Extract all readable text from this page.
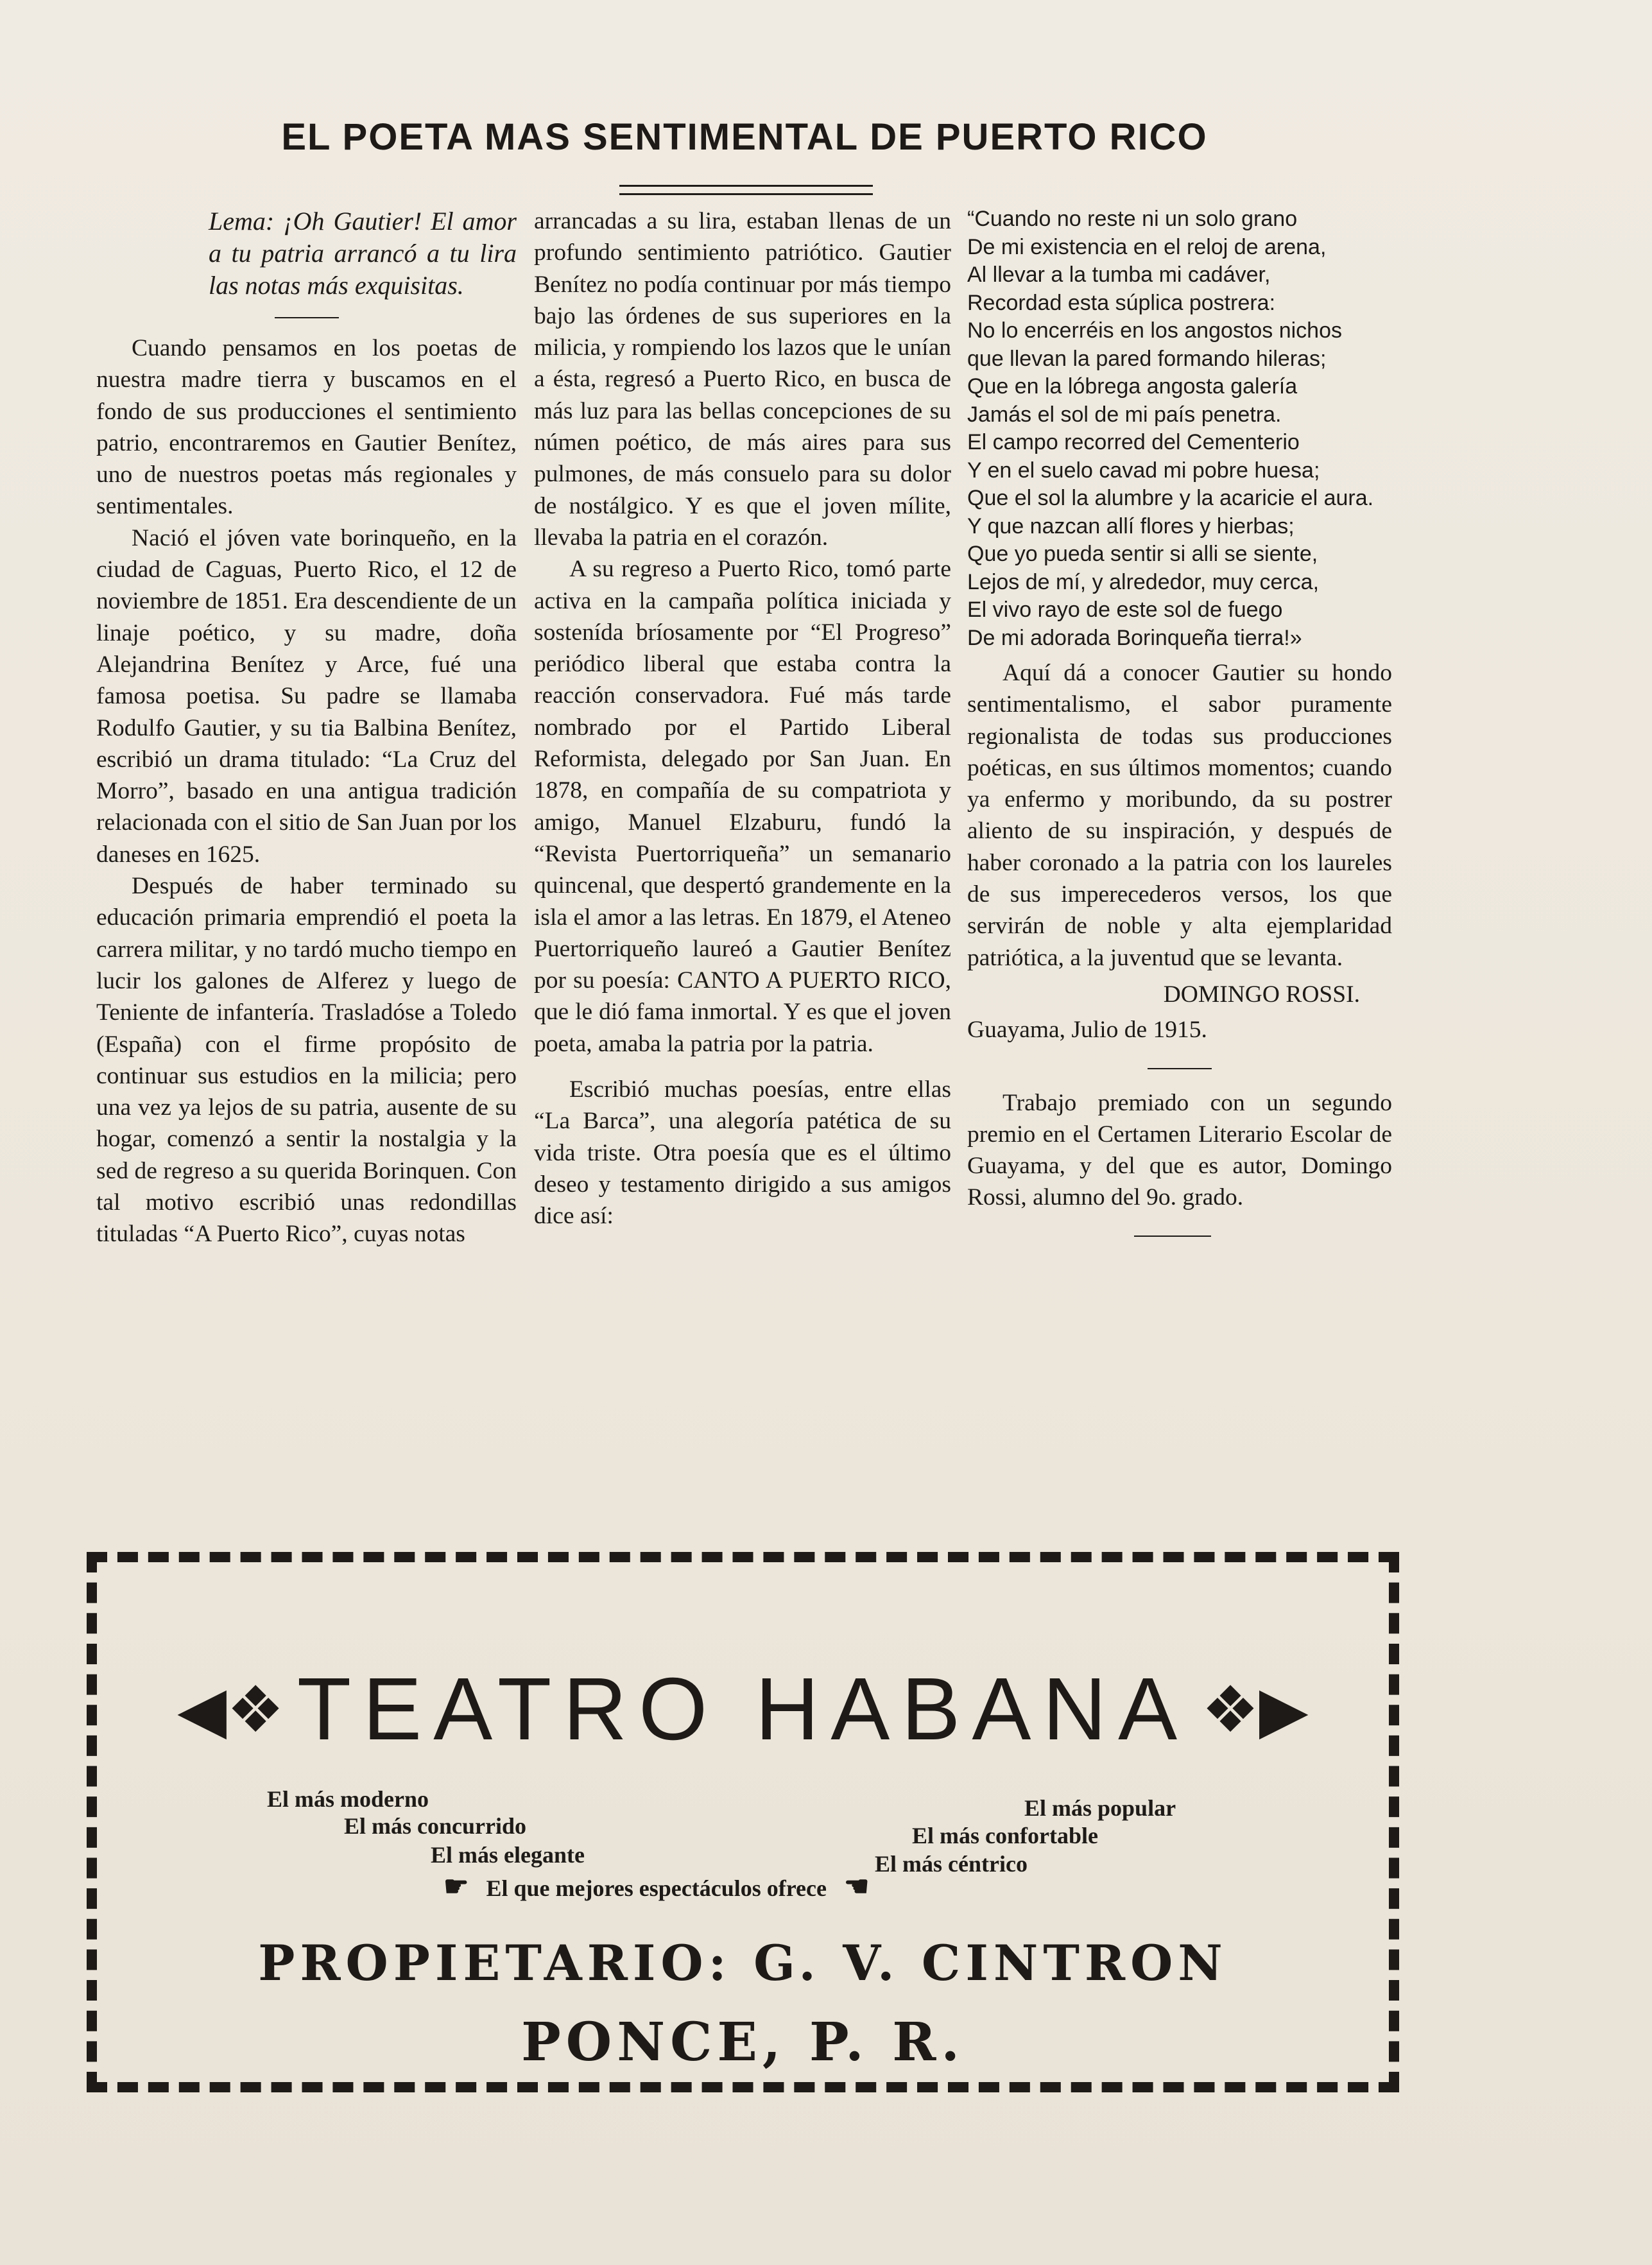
EL POETA MAS SENTIMENTAL DE PUERTO RICO

Lema: ¡Oh Gautier! El amor a tu patria arrancó a tu lira las notas más exquisitas.

Cuando pensamos en los poetas de nuestra madre tierra y buscamos en el fondo de sus producciones el sentimiento patrio, encontraremos en Gautier Benítez, uno de nuestros poetas más regionales y sentimentales.

Nació el jóven vate borinqueño, en la ciudad de Caguas, Puerto Rico, el 12 de noviembre de 1851. Era descendiente de un linaje poético, y su madre, doña Alejandrina Benítez y Arce, fué una famosa poetisa. Su padre se llamaba Rodulfo Gautier, y su tia Balbina Benítez, escribió un drama titulado: “La Cruz del Morro”, basado en una antigua tradición relacionada con el sitio de San Juan por los daneses en 1625.

Después de haber terminado su educación primaria emprendió el poeta la carrera militar, y no tardó mucho tiempo en lucir los galones de Alferez y luego de Teniente de infantería. Trasladóse a Toledo (España) con el firme propósito de continuar sus estudios en la milicia; pero una vez ya lejos de su patria, ausente de su hogar, comenzó a sentir la nostalgia y la sed de regreso a su querida Borinquen. Con tal motivo escribió unas redondillas tituladas “A Puerto Rico”, cuyas notas

arrancadas a su lira, estaban llenas de un profundo sentimiento patriótico. Gautier Benítez no podía continuar por más tiempo bajo las órdenes de sus superiores en la milicia, y rompiendo los lazos que le unían a ésta, regresó a Puerto Rico, en busca de más luz para las bellas concepciones de su númen poético, de más aires para sus pulmones, de más consuelo para su dolor de nostálgico. Y es que el joven mílite, llevaba la patria en el corazón.

A su regreso a Puerto Rico, tomó parte activa en la campaña política iniciada y sostenída bríosamente por “El Progreso” periódico liberal que estaba contra la reacción conservadora. Fué más tarde nombrado por el Partido Liberal Reformista, delegado por San Juan. En 1878, en compañía de su compatriota y amigo, Manuel Elzaburu, fundó la “Revista Puertorriqueña” un semanario quincenal, que despertó grandemente en la isla el amor a las letras. En 1879, el Ateneo Puertorriqueño laureó a Gautier Benítez por su poesía: CANTO A PUERTO RICO, que le dió fama inmortal. Y es que el joven poeta, amaba la patria por la patria.

Escribió muchas poesías, entre ellas “La Barca”, una alegoría patética de su vida triste. Otra poesía que es el último deseo y testamento dirigido a sus amigos dice así:

“Cuando no reste ni un solo grano
De mi existencia en el reloj de arena,
Al llevar a la tumba mi cadáver,
Recordad esta súplica postrera:
No lo encerréis en los angostos nichos
que llevan la pared formando hileras;
Que en la lóbrega angosta galería
Jamás el sol de mi país penetra.
El campo recorred del Cementerio
Y en el suelo cavad mi pobre huesa;
Que el sol la alumbre y la acaricie el aura.
Y que nazcan allí flores y hierbas;
Que yo pueda sentir si alli se siente,
Lejos de mí, y alrededor, muy cerca,
El vivo rayo de este sol de fuego
De mi adorada Borinqueña tierra!»

Aquí dá a conocer Gautier su hondo sentimentalismo, el sabor puramente regionalista de todas sus producciones poéticas, en sus últimos momentos; cuando ya enfermo y moribundo, da su postrer aliento de su inspiración, y después de haber coronado a la patria con los laureles de sus imperecederos versos, los que servirán de noble y alta ejemplaridad patriótica, a la juventud que se levanta.

DOMINGO ROSSI.

Guayama, Julio de 1915.

Trabajo premiado con un segundo premio en el Certamen Literario Escolar de Guayama, y del que es autor, Domingo Rossi, alumno del 9o. grado.

◀❖ TEATRO HABANA ❖▶
El más moderno
El más concurrido
El más elegante
El más popular
El más confortable
El más céntrico
☛ El que mejores espectáculos ofrece ☚
PROPIETARIO: G. V. CINTRON
PONCE, P. R.
